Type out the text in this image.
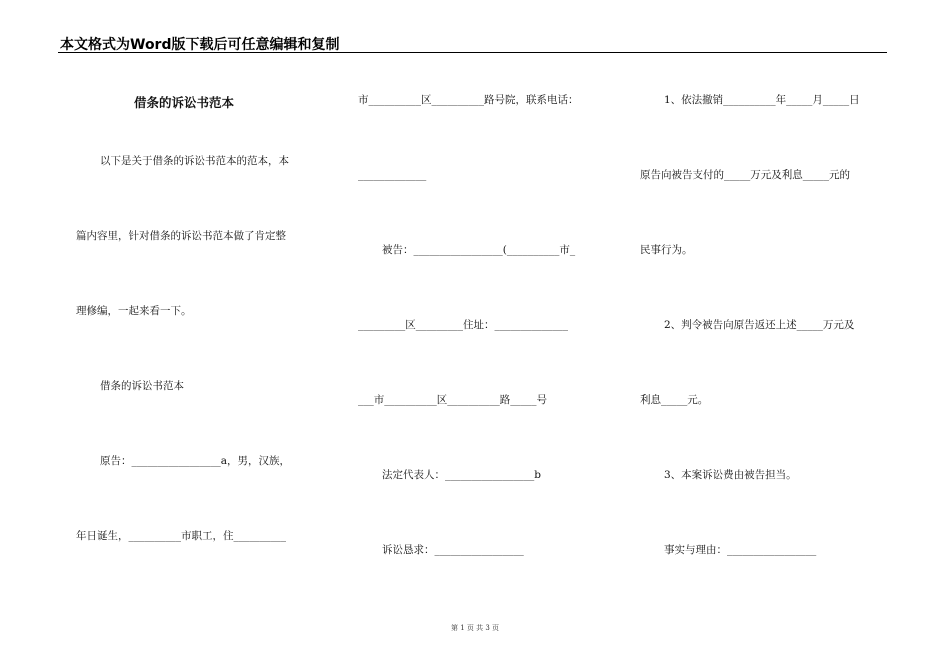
本文格式为Word版下载后可任意编辑和复制
借条的诉讼书范本
以下是关于借条的诉讼书范本的范本，本
篇内容里，针对借条的诉讼书范本做了肯定整
理修编，一起来看一下。
借条的诉讼书范本
原告：_________________a，男，汉族，
年日诞生，__________市职工，住__________
市__________区__________路号院，联系电话：
_____________
被告：_________________(__________市_
_________区_________住址：______________
___市__________区__________路_____号
法定代表人：_________________b
诉讼恳求：_________________
1、依法撤销__________年_____月_____日
原告向被告支付的_____万元及利息_____元的
民事行为。
2、判令被告向原告返还上述_____万元及
利息_____元。
3、本案诉讼费由被告担当。
事实与理由：_________________
第 1 页 共 3 页
